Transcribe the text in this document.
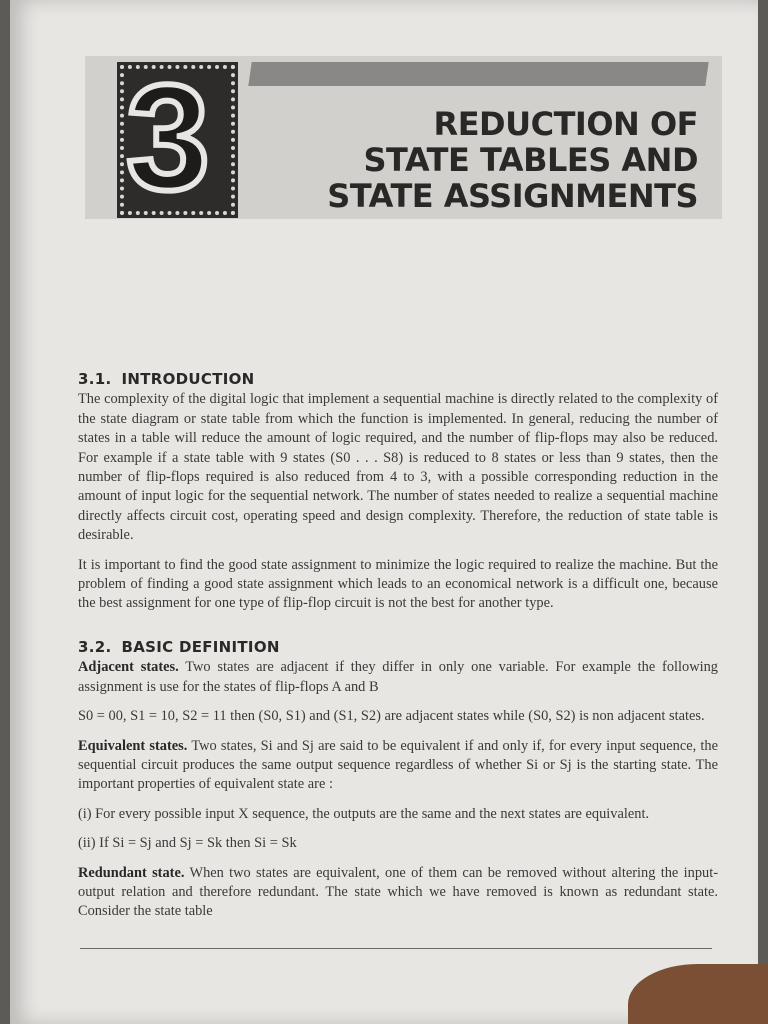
3	REDUCTION OF
STATE TABLES AND
STATE ASSIGNMENTS
3.1. INTRODUCTION

The complexity of the digital logic that implement a sequential machine is directly related to the complexity of the state diagram or state table from which the function is implemented. In general, reducing the number of states in a table will reduce the amount of logic required, and the number of flip-flops may also be reduced. For example if a state table with 9 states (S0 . . . S8) is reduced to 8 states or less than 9 states, then the number of flip-flops required is also reduced from 4 to 3, with a possible corresponding reduction in the amount of input logic for the sequential network. The number of states needed to realize a sequential machine directly affects circuit cost, operating speed and design complexity. Therefore, the reduction of state table is desirable.

It is important to find the good state assignment to minimize the logic required to realize the machine. But the problem of finding a good state assignment which leads to an economical network is a difficult one, because the best assignment for one type of flip-flop circuit is not the best for another type.

3.2. BASIC DEFINITION

Adjacent states. Two states are adjacent if they differ in only one variable. For example the following assignment is use for the states of flip-flops A and B

S0 = 00, S1 = 10, S2 = 11 then (S0, S1) and (S1, S2) are adjacent states while (S0, S2) is non adjacent states.

Equivalent states. Two states, Si and Sj are said to be equivalent if and only if, for every input sequence, the sequential circuit produces the same output sequence regardless of whether Si or Sj is the starting state. The important properties of equivalent state are :

(i) For every possible input X sequence, the outputs are the same and the next states are equivalent.

(ii) If Si = Sj and Sj = Sk then Si = Sk

Redundant state. When two states are equivalent, one of them can be removed without altering the input-output relation and therefore redundant. The state which we have removed is known as redundant state. Consider the state table
